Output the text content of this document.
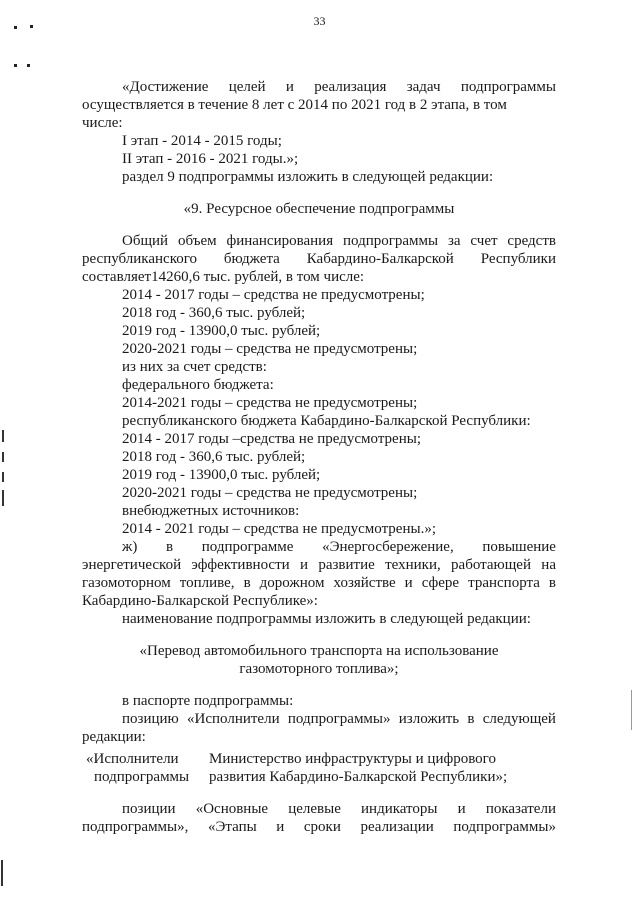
33
«Достижение целей и реализация задач подпрограммы
осуществляется в течение 8 лет с 2014 по 2021 год в 2 этапа, в том
числе:
I этап - 2014 - 2015 годы;
II этап - 2016 - 2021 годы.»;
раздел 9 подпрограммы изложить в следующей редакции:
«9. Ресурсное обеспечение подпрограммы
Общий объем финансирования подпрограммы за счет средств
республиканского бюджета Кабардино-Балкарской Республики
составляет14260,6 тыс. рублей, в том числе:
2014 - 2017 годы – средства не предусмотрены;
2018 год - 360,6 тыс. рублей;
2019 год - 13900,0 тыс. рублей;
2020-2021 годы – средства не предусмотрены;
из них за счет средств:
федерального бюджета:
2014-2021 годы – средства не предусмотрены;
республиканского бюджета Кабардино-Балкарской Республики:
2014 - 2017 годы –средства не предусмотрены;
2018 год - 360,6 тыс. рублей;
2019 год - 13900,0 тыс. рублей;
2020-2021 годы – средства не предусмотрены;
внебюджетных источников:
2014 - 2021 годы – средства не предусмотрены.»;
ж) в подпрограмме «Энергосбережение, повышение
энергетической эффективности и развитие техники, работающей на
газомоторном топливе, в дорожном хозяйстве и сфере транспорта в
Кабардино-Балкарской Республике»:
наименование подпрограммы изложить в следующей редакции:
«Перевод автомобильного транспорта на использование
газомоторного топлива»;
в паспорте подпрограммы:
позицию «Исполнители подпрограммы» изложить в следующей
редакции:
«Исполнители
подпрограммы
Министерство инфраструктуры и цифрового
развития Кабардино-Балкарской Республики»;
позиции «Основные целевые индикаторы и показатели
подпрограммы», «Этапы и сроки реализации подпрограммы»
